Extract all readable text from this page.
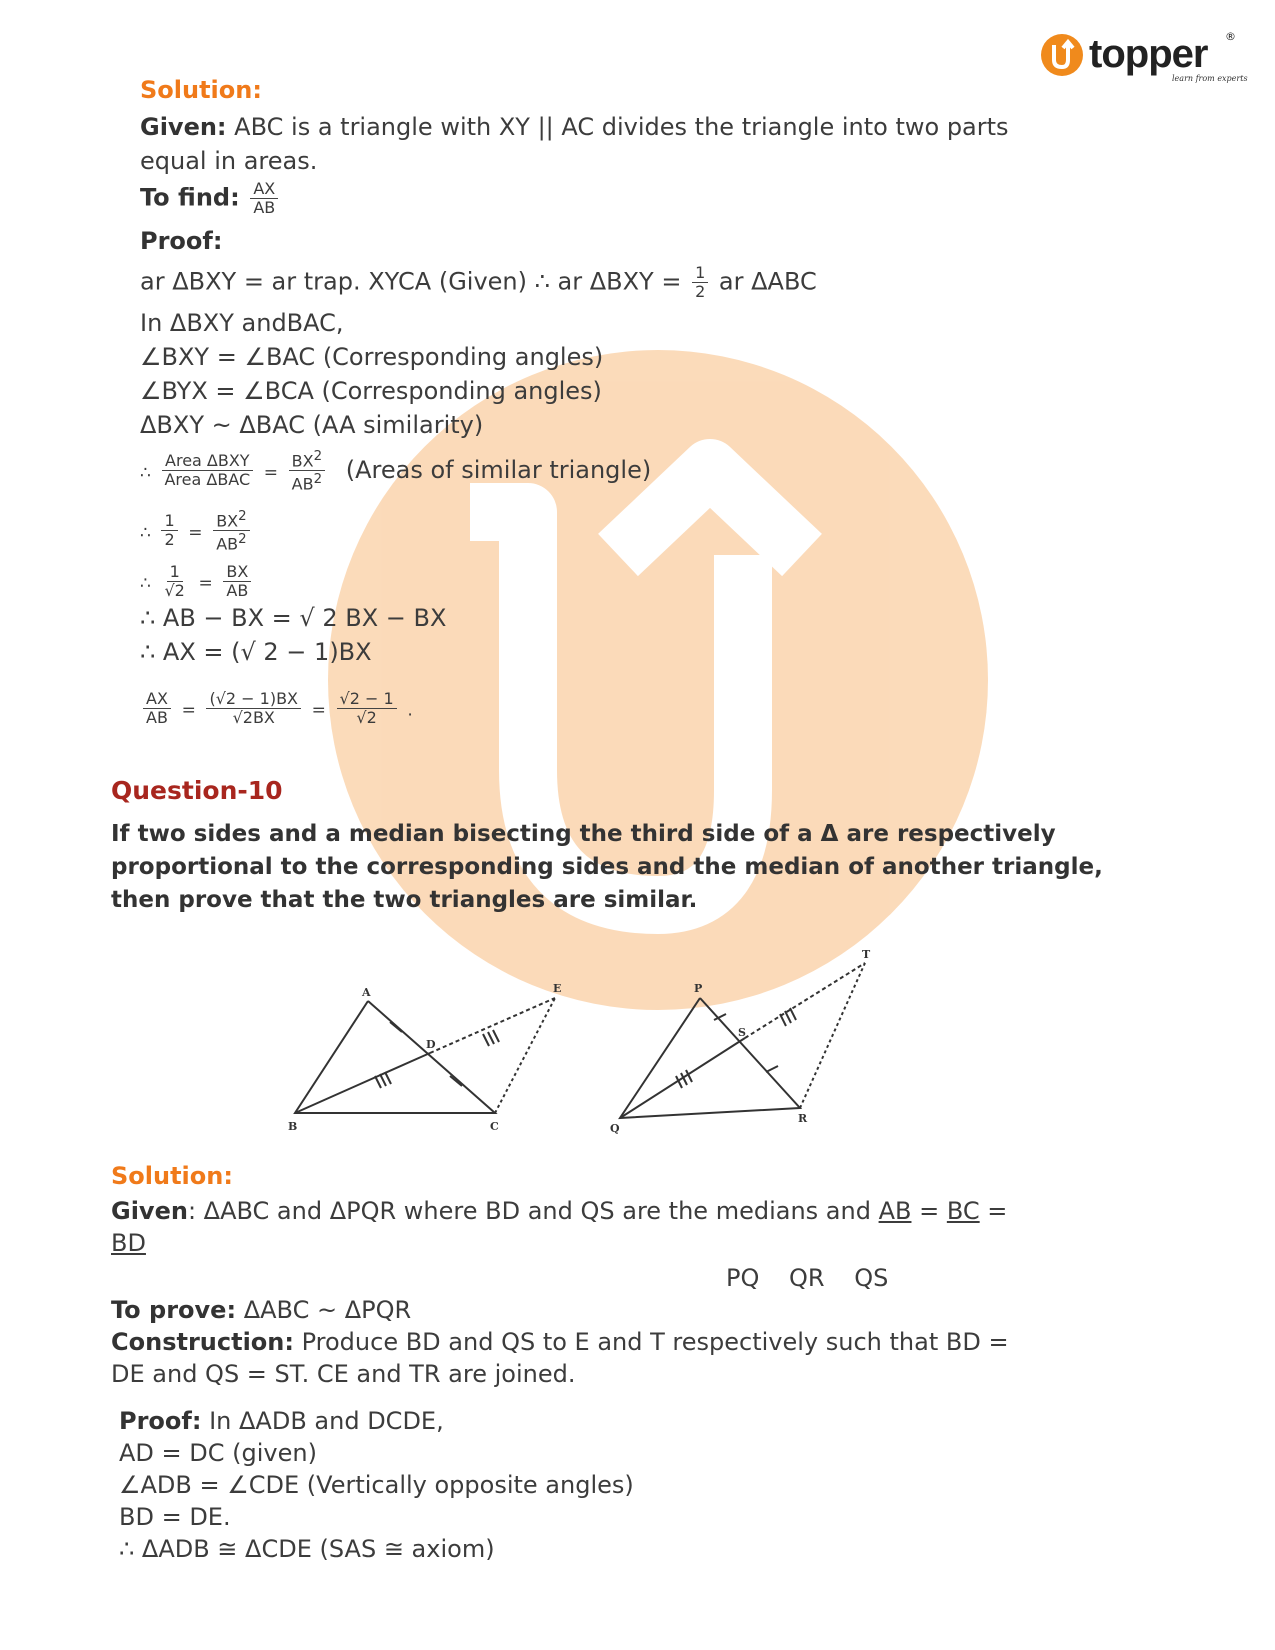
topper ®
learn from experts
Solution:
Given: ABC is a triangle with XY || AC divides the triangle into two parts
equal in areas.
To find: $\frac{AX}{AB}$
Proof:
ar ΔBXY = ar trap. XYCA (Given) ∴ ar $\Delta BXY = \frac{1}{2}$ ar ΔABC
In ΔBXY andBAC,
∠BXY = ∠BAC (Corresponding angles)
∠BYX = ∠BCA (Corresponding angles)
ΔBXY ~ ΔBAC (AA similarity)
∴ $\frac{\text{Area ΔBXY}}{\text{Area ΔBAC}} = \frac{BX^2}{AB^2}$ (Areas of similar triangle)
∴ $\frac{1}{2} = \frac{BX^2}{AB^2}$
∴ $\frac{1}{√2} = \frac{BX}{AB}$
∴ AB − BX = √ 2 BX − BX
∴ AX = (√ 2 − 1)BX
$\frac{AX}{AB} = \frac{(√2 - 1)BX}{√2BX} = \frac{√2 - 1}{√2}$ .
Question-10
If two sides and a median bisecting the third side of a Δ are respectively
proportional to the corresponding sides and the median of another triangle,
then prove that the two triangles are similar.
A
B	C
D
E	P
Q
R
S
T
Solution:
Given: ΔABC and ΔPQR where BD and QS are the medians and AB = BC =
BD
PQ QR QS
To prove: ΔABC ~ ΔPQR
Construction: Produce BD and QS to E and T respectively such that BD =
DE and QS = ST. CE and TR are joined.
Proof: In ΔADB and DCDE,
AD = DC (given)
∠ADB = ∠CDE (Vertically opposite angles)
BD = DE.
∴ ΔADB ≅ ΔCDE (SAS ≅ axiom)
